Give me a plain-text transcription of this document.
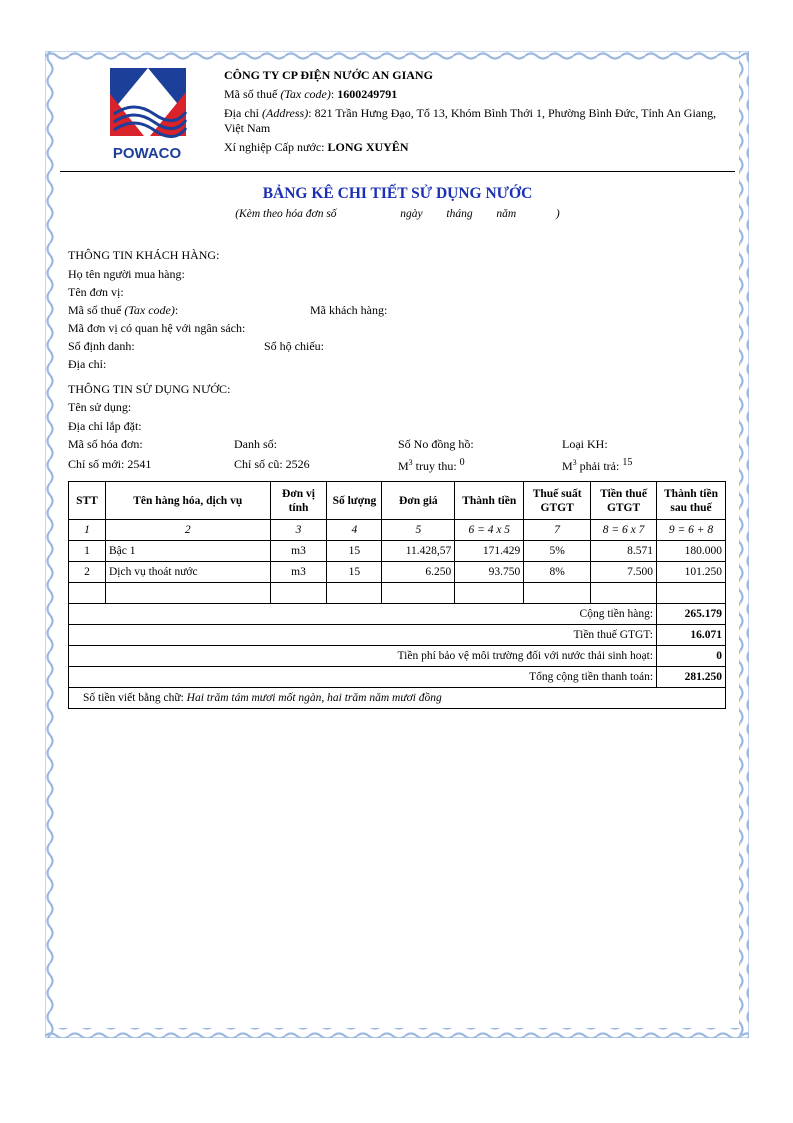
POWACO
CÔNG TY CP ĐIỆN NƯỚC AN GIANG
Mã số thuế (Tax code): 1600249791
Địa chỉ (Address): 821 Trần Hưng Đạo, Tổ 13, Khóm Bình Thới 1, Phường Bình Đức, Tỉnh An Giang, Việt Nam
Xí nghiệp Cấp nước: LONG XUYÊN
BẢNG KÊ CHI TIẾT SỬ DỤNG NƯỚC
(Kèm theo hóa đơn số	ngày tháng năm	)
THÔNG TIN KHÁCH HÀNG:
Họ tên người mua hàng:
Tên đơn vị:
Mã số thuế (Tax code):	Mã khách hàng:
Mã đơn vị có quan hệ với ngân sách:
Số định danh:	Số hộ chiếu:
Địa chỉ:
THÔNG TIN SỬ DỤNG NƯỚC:
Tên sử dụng:
Địa chỉ lắp đặt:
Mã số hóa đơn:	Danh số:	Số No đồng hồ:	Loại KH:
Chỉ số mới: 2541	Chỉ số cũ: 2526	$M^3$ truy thu: $^0$	$M^3$ phải trả: $^{15}$
STT	Tên hàng hóa, dịch vụ	Đơn vị tính	Số lượng	Đơn giá	Thành tiền	Thuế suất GTGT	Tiền thuế GTGT	Thành tiền sau thuế
1	2	3	4	5	6 = 4 x 5	7	8 = 6 x 7	9 = 6 + 8
1	Bậc 1	m3	15	11.428,57	171.429	5%	8.571	180.000
2	Dịch vụ thoát nước	m3	15	6.250	93.750	8%	7.500	101.250

Cộng tiền hàng:								265.179
Tiền thuế GTGT:								16.071
Tiền phí bảo vệ môi trường đối với nước thải sinh hoạt:								0
Tổng cộng tiền thanh toán:								281.250
Số tiền viết bằng chữ: Hai trăm tám mươi mốt ngàn, hai trăm năm mươi đồng								
